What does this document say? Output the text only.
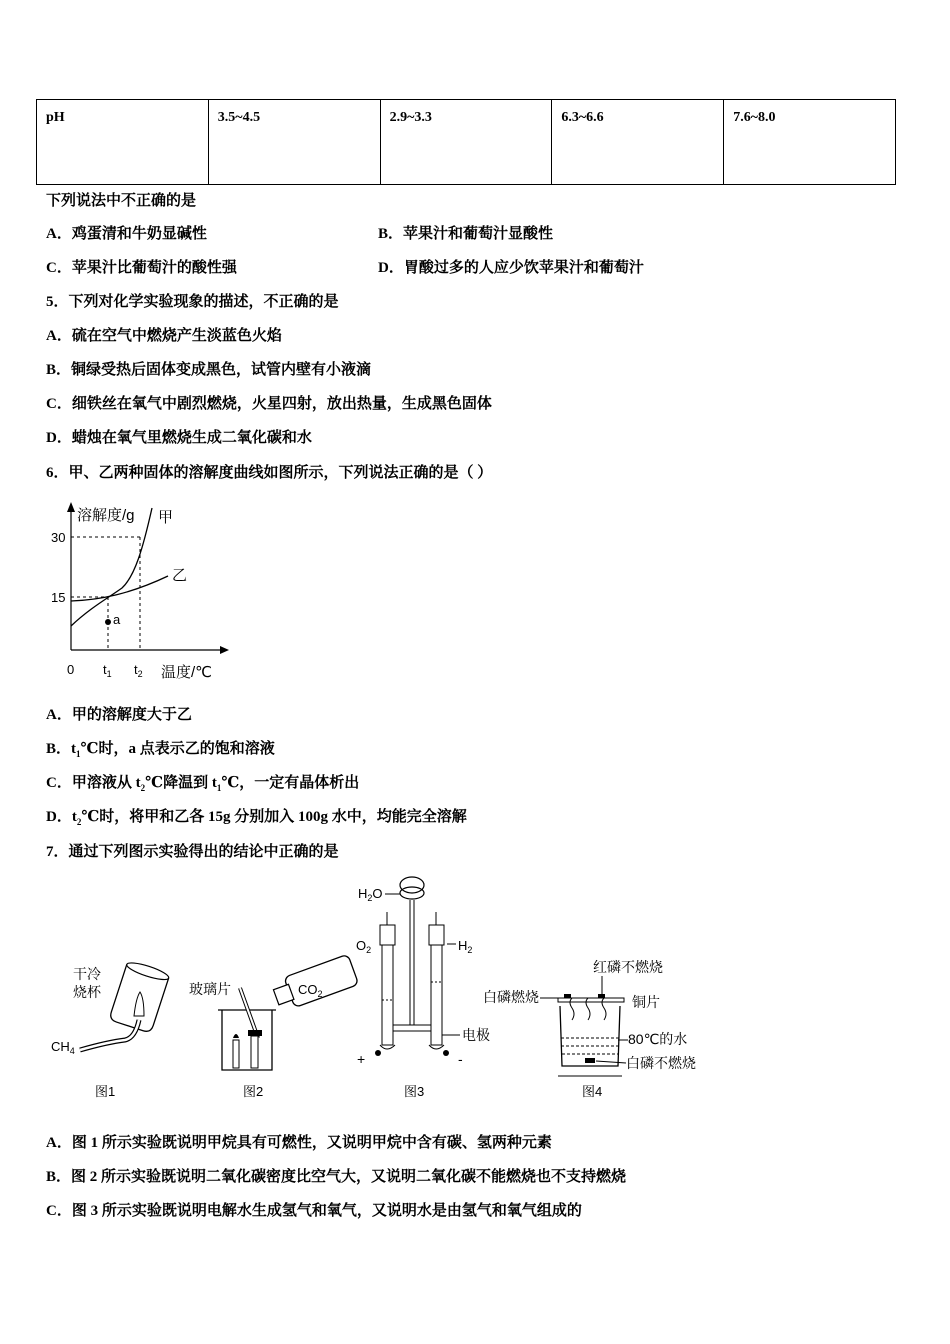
pH	3.5~4.5	2.9~3.3	6.3~6.6	7.6~8.0
下列说法中不正确的是
A．鸡蛋清和牛奶显碱性	B．苹果汁和葡萄汁显酸性
C．苹果汁比葡萄汁的酸性强	D．胃酸过多的人应少饮苹果汁和葡萄汁
5．下列对化学实验现象的描述，不正确的是
A．硫在空气中燃烧产生淡蓝色火焰
B．铜绿受热后固体变成黑色，试管内壁有小液滴
C．细铁丝在氧气中剧烈燃烧，火星四射，放出热量，生成黑色固体
D．蜡烛在氧气里燃烧生成二氧化碳和水
6．甲、乙两种固体的溶解度曲线如图所示，下列说法正确的是（ ）
a
溶解度/g 甲
乙
30
15
0 $t_1$ $t_2$ 温度/℃
A．甲的溶解度大于乙
B．$t_1℃$时，a 点表示乙的饱和溶液
C．甲溶液从 $t_2℃$降温到 $t_1℃$，一定有晶体析出
D．$t_2℃$时，将甲和乙各 15g 分别加入 100g 水中，均能完全溶解
7．通过下列图示实验得出的结论中正确的是
干冷
烧杯
$CH_4$
图1
玻璃片	$CO_2$
图2
$H_2O$
$O_2$	$H_2$
电极
+	-
图3
红磷不燃烧
白磷燃烧	铜片
80℃的水
白磷不燃烧
图4
A．图 1 所示实验既说明甲烷具有可燃性，又说明甲烷中含有碳、氢两种元素
B．图 2 所示实验既说明二氧化碳密度比空气大，又说明二氧化碳不能燃烧也不支持燃烧
C．图 3 所示实验既说明电解水生成氢气和氧气，又说明水是由氢气和氧气组成的
